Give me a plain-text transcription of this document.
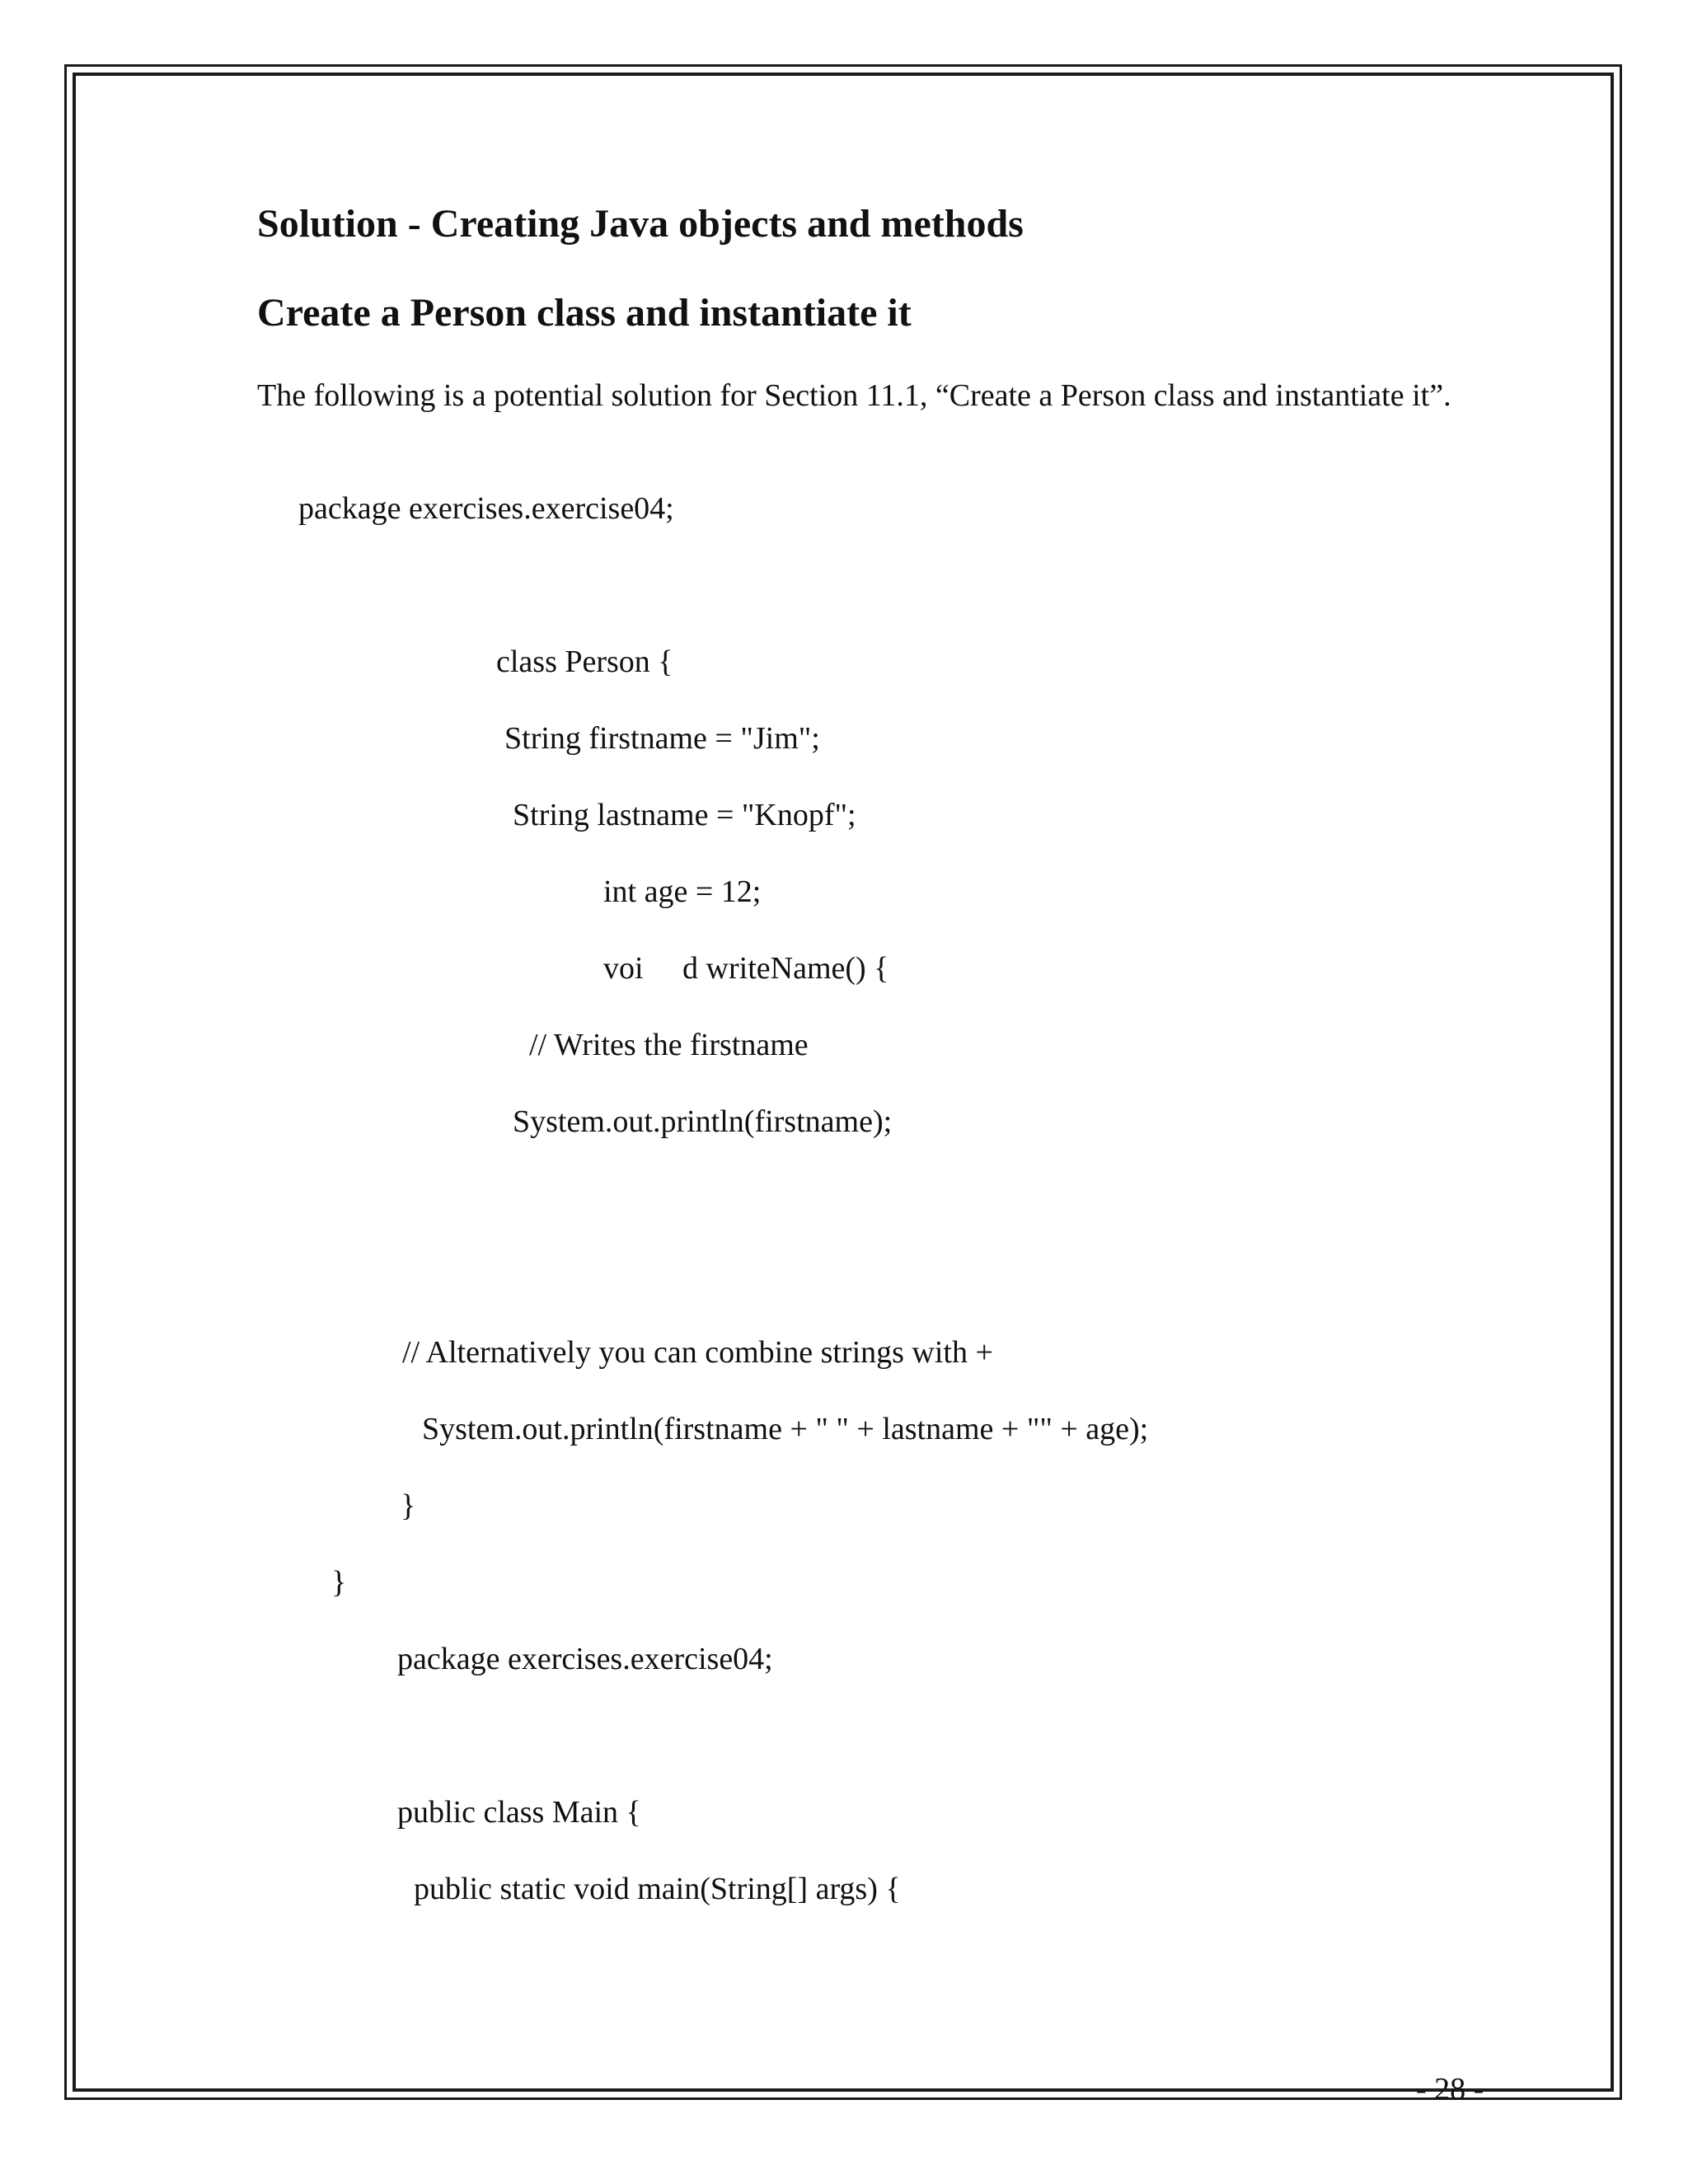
Solution - Creating Java objects and methods
Create a Person class and instantiate it

The following is a potential solution for Section 11.1, “Create a Person class and instantiate it”.

package exercises.exercise04;
class Person {
String firstname = "Jim";
String lastname = "Knopf";
int age = 12;
voi     d writeName() {
// Writes the firstname
System.out.println(firstname);
// Alternatively you can combine strings with +
System.out.println(firstname + " " + lastname + "" + age);
}
}
package exercises.exercise04;
public class Main {
public static void main(String[] args) {
- 28 -
